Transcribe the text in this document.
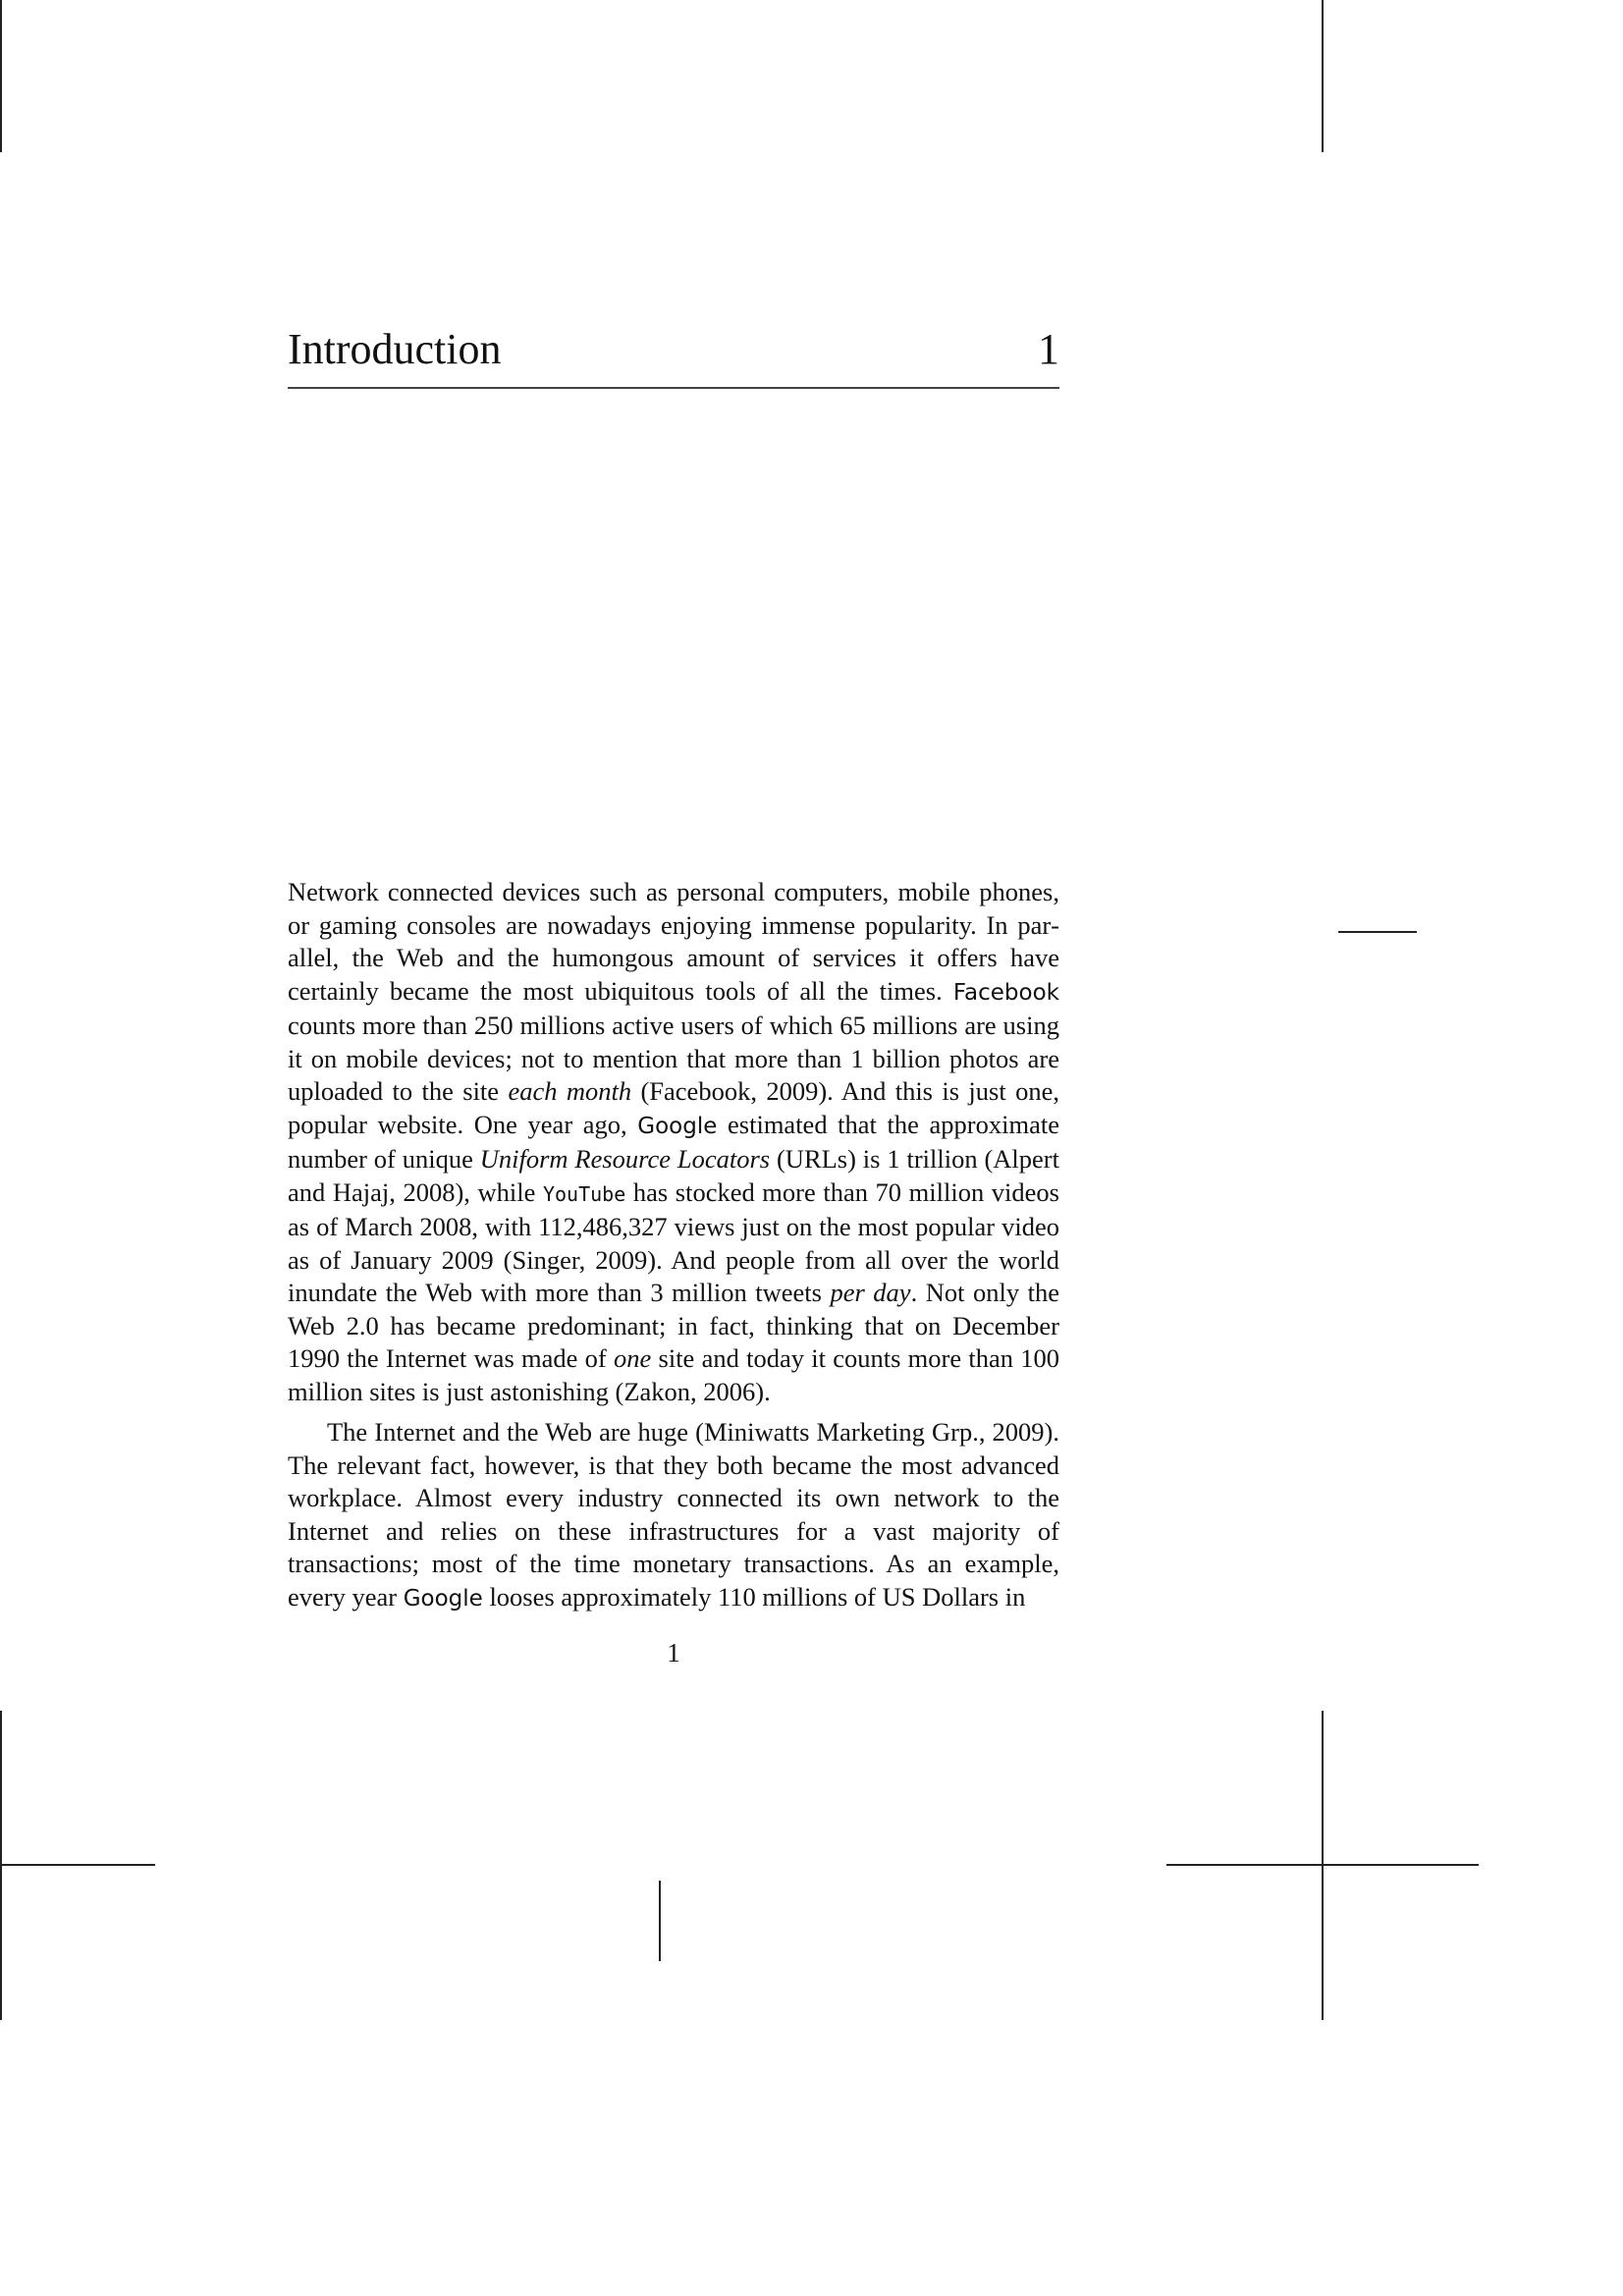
Introduction	1

Network connected devices such as personal computers, mobile phones, or gaming consoles are nowadays enjoying immense popularity. In parallel, the Web and the humongous amount of services it offers have certainly became the most ubiquitous tools of all the times. Facebook counts more than 250 millions active users of which 65 millions are using it on mobile devices; not to mention that more than 1 billion photos are uploaded to the site each month (Facebook, 2009). And this is just one, popular website. One year ago, Google estimated that the approximate number of unique Uniform Resource Locators (URLs) is 1 trillion (Alpert and Hajaj, 2008), while YouTube has stocked more than 70 million videos as of March 2008, with 112,486,327 views just on the most popular video as of January 2009 (Singer, 2009). And people from all over the world inundate the Web with more than 3 million tweets per day. Not only the Web 2.0 has became predominant; in fact, thinking that on December 1990 the Internet was made of one site and today it counts more than 100 million sites is just astonishing (Zakon, 2006).

The Internet and the Web are huge (Miniwatts Marketing Grp., 2009). The relevant fact, however, is that they both became the most advanced workplace. Almost every industry connected its own network to the Internet and relies on these infrastructures for a vast majority of transactions; most of the time monetary transactions. As an example, every year Google looses approximately 110 millions of US Dollars in

1
